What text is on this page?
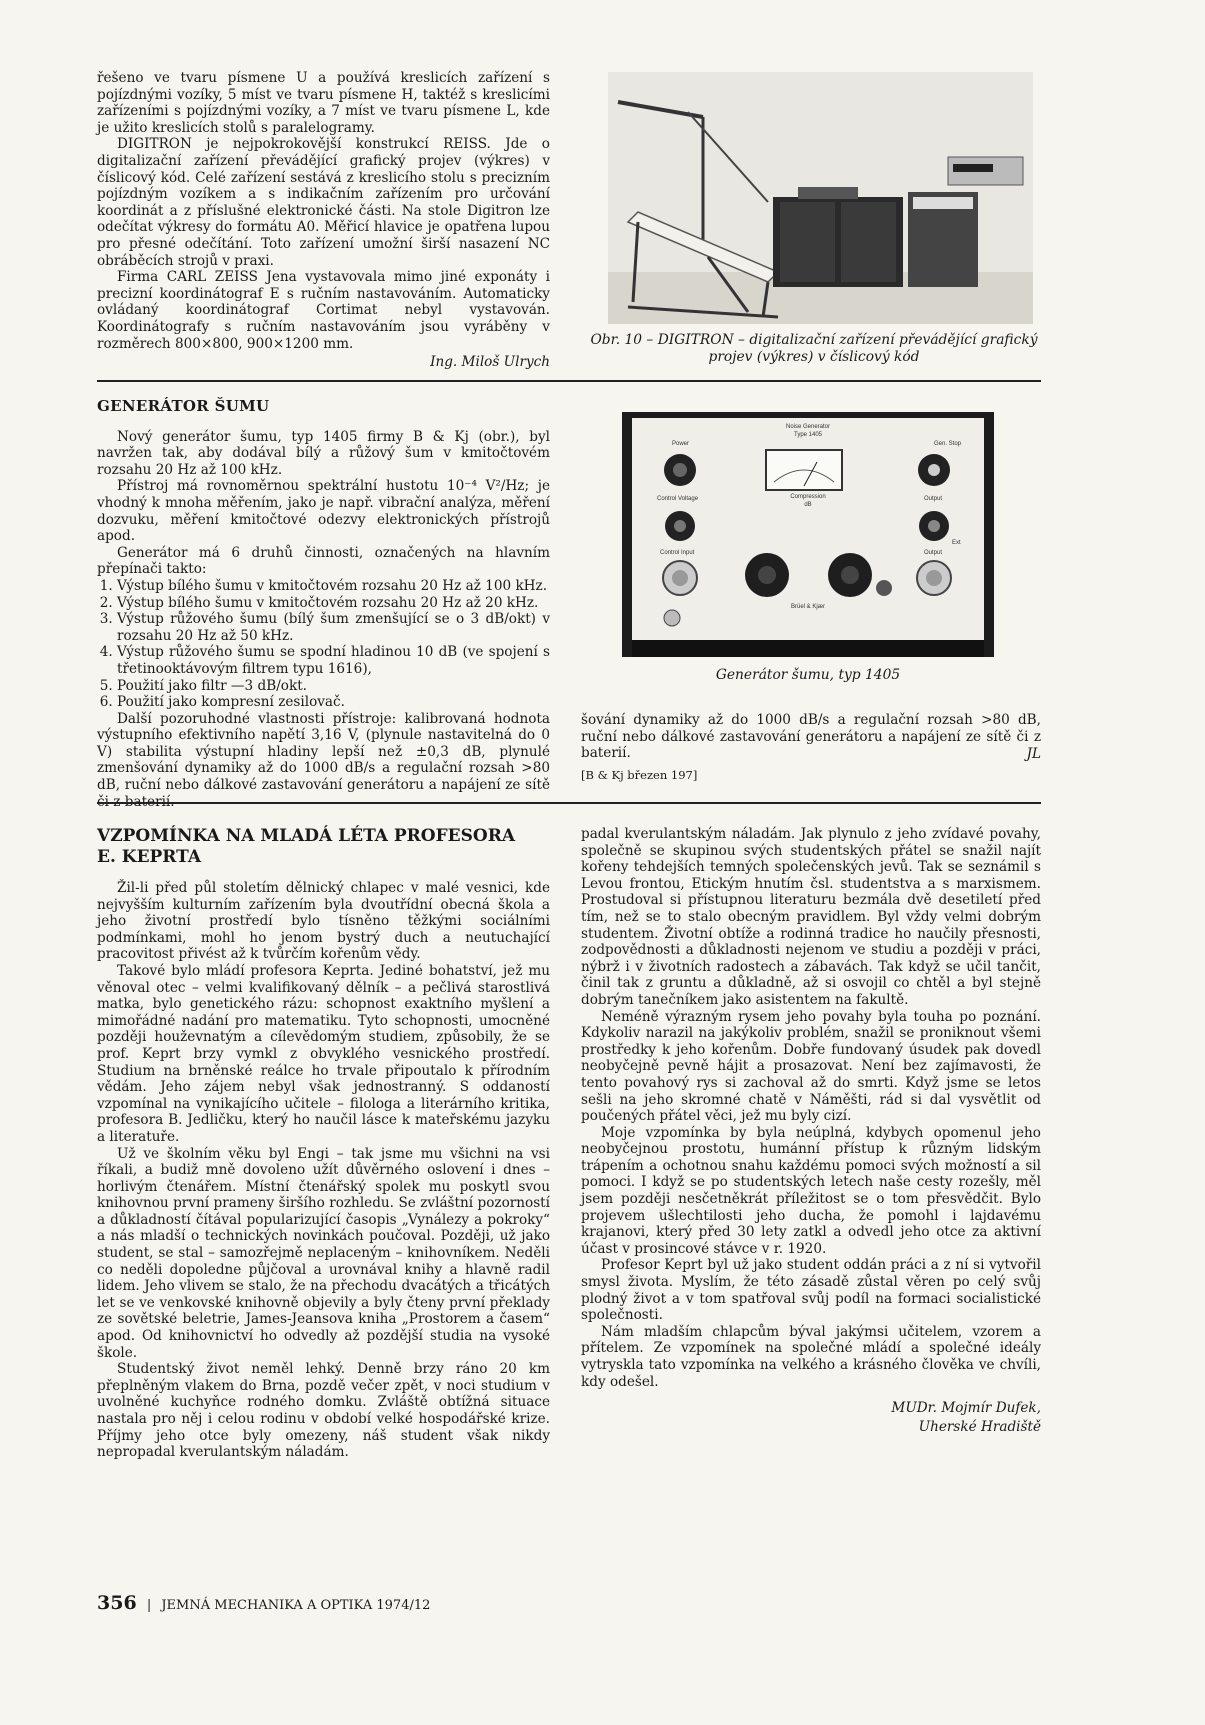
řešeno ve tvaru písmene U a používá kreslicích zařízení s pojízdnými vozíky, 5 míst ve tvaru písmene H, taktéž s kreslicími zařízeními s pojízdnými vozíky, a 7 míst ve tvaru písmene L, kde je užito kreslicích stolů s paralelogramy.

DIGITRON je nejpokrokovější konstrukcí REISS. Jde o digitalizační zařízení převádějící grafický projev (výkres) v číslicový kód. Celé zařízení sestává z kreslicího stolu s precizním pojízdným vozíkem a s indikačním zařízením pro určování koordinát a z příslušné elektronické části. Na stole Digitron lze odečítat výkresy do formátu A0. Měřicí hlavice je opatřena lupou pro přesné odečítání. Toto zařízení umožní širší nasazení NC obráběcích strojů v praxi.

Firma CARL ZEISS Jena vystavovala mimo jiné exponáty i precizní koordinátograf E s ručním nastavováním. Automaticky ovládaný koordinátograf Cortimat nebyl vystavován. Koordinátografy s ručním nastavováním jsou vyráběny v rozměrech 800×800, 900×1200 mm.

Ing. Miloš Ulrych
Obr. 10 – DIGITRON – digitalizační zařízení převádějící grafický projev (výkres) v číslicový kód
GENERÁTOR ŠUMU

Nový generátor šumu, typ 1405 firmy B & Kj (obr.), byl navržen tak, aby dodával bílý a růžový šum v kmitočtovém rozsahu 20 Hz až 100 kHz.

Přístroj má rovnoměrnou spektrální hustotu 10⁻⁴ V²/Hz; je vhodný k mnoha měřením, jako je např. vibrační analýza, měření dozvuku, měření kmitočtové odezvy elektronických přístrojů apod.

Generátor má 6 druhů činnosti, označených na hlavním přepínači takto:

1. Výstup bílého šumu v kmitočtovém rozsahu 20 Hz až 100 kHz.
2. Výstup bílého šumu v kmitočtovém rozsahu 20 Hz až 20 kHz.
3. Výstup růžového šumu (bílý šum zmenšující se o 3 dB/okt) v rozsahu 20 Hz až 50 kHz.
4. Výstup růžového šumu se spodní hladinou 10 dB (ve spojení s třetinooktávovým filtrem typu 1616),
5. Použití jako filtr —3 dB/okt.
6. Použití jako kompresní zesilovač.

Další pozoruhodné vlastnosti přístroje: kalibrovaná hodnota výstupního efektivního napětí 3,16 V, (plynule nastavitelná do 0 V) stabilita výstupní hladiny lepší než ±0,3 dB, plynulé zmenšování dynamiky až do 1000 dB/s a regulační rozsah >80 dB, ruční nebo dálkové zastavování generátoru a napájení ze sítě či z baterií.

Noise Generator
Type 1405
Power	Gen. Stop
Compression
dB
Control Voltage
Control Input
Output
Ext
Output
Brüel & Kjær
Generátor šumu, typ 1405

šování dynamiky až do 1000 dB/s a regulační rozsah >80 dB, ruční nebo dálkové zastavování generátoru a napájení ze sítě či z baterií.	JL
[B & Kj březen 197]
VZPOMÍNKA NA MLADÁ LÉTA PROFESORA
E. KEPRTA

Žil-li před půl stoletím dělnický chlapec v malé vesnici, kde nejvyšším kulturním zařízením byla dvoutřídní obecná škola a jeho životní prostředí bylo tísněno těžkými sociálními podmínkami, mohl ho jenom bystrý duch a neutuchající pracovitost přivést až k tvůrčím kořenům vědy.

Takové bylo mládí profesora Keprta. Jediné bohatství, jež mu věnoval otec – velmi kvalifikovaný dělník – a pečlivá starostlivá matka, bylo genetického rázu: schopnost exaktního myšlení a mimořádné nadání pro matematiku. Tyto schopnosti, umocněné později houževnatým a cílevědomým studiem, způsobily, že se prof. Keprt brzy vymkl z obvyklého vesnického prostředí. Studium na brněnské reálce ho trvale připoutalo k přírodním vědám. Jeho zájem nebyl však jednostranný. S oddaností vzpomínal na vynikajícího učitele – filologa a literárního kritika, profesora B. Jedličku, který ho naučil lásce k mateřskému jazyku a literatuře.

Už ve školním věku byl Engi – tak jsme mu všichni na vsi říkali, a budiž mně dovoleno užít důvěrného oslovení i dnes – horlivým čtenářem. Místní čtenářský spolek mu poskytl svou knihovnou první prameny širšího rozhledu. Se zvláštní pozorností a důkladností čítával popularizující časopis „Vynálezy a pokroky“ a nás mladší o technických novinkách poučoval. Později, už jako student, se stal – samozřejmě neplaceným – knihovníkem. Neděli co neděli dopoledne půjčoval a urovnával knihy a hlavně radil lidem. Jeho vlivem se stalo, že na přechodu dvacátých a třicátých let se ve venkovské knihovně objevily a byly čteny první překlady ze sovětské beletrie, James-Jeansova kniha „Prostorem a časem“ apod. Od knihovnictví ho odvedly až pozdější studia na vysoké škole.

Studentský život neměl lehký. Denně brzy ráno 20 km přeplněným vlakem do Brna, pozdě večer zpět, v noci studium v uvolněné kuchyňce rodného domku. Zvláště obtížná situace nastala pro něj i celou rodinu v období velké hospodářské krize. Příjmy jeho otce byly omezeny, náš student však nikdy nepropadal kverulantským náladám.

padal kverulantským náladám. Jak plynulo z jeho zvídavé povahy, společně se skupinou svých studentských přátel se snažil najít kořeny tehdejších temných společenských jevů. Tak se seznámil s Levou frontou, Etickým hnutím čsl. studentstva a s marxismem. Prostudoval si přístupnou literaturu bezmála dvě desetiletí před tím, než se to stalo obecným pravidlem. Byl vždy velmi dobrým studentem. Životní obtíže a rodinná tradice ho naučily přesnosti, zodpovědnosti a důkladnosti nejenom ve studiu a později v práci, nýbrž i v životních radostech a zábavách. Tak když se učil tančit, činil tak z gruntu a důkladně, až si osvojil co chtěl a byl stejně dobrým tanečníkem jako asistentem na fakultě.

Neméně výrazným rysem jeho povahy byla touha po poznání. Kdykoliv narazil na jakýkoliv problém, snažil se proniknout všemi prostředky k jeho kořenům. Dobře fundovaný úsudek pak dovedl neobyčejně pevně hájit a prosazovat. Není bez zajímavosti, že tento povahový rys si zachoval až do smrti. Když jsme se letos sešli na jeho skromné chatě v Náměšti, rád si dal vysvětlit od poučených přátel věci, jež mu byly cizí.

Moje vzpomínka by byla neúplná, kdybych opomenul jeho neobyčejnou prostotu, humánní přístup k různým lidským trápením a ochotnou snahu každému pomoci svých možností a sil pomoci. I když se po studentských letech naše cesty rozešly, měl jsem později nesčetněkrát příležitost se o tom přesvědčit. Bylo projevem ušlechtilosti jeho ducha, že pomohl i lajdavému krajanovi, který před 30 lety zatkl a odvedl jeho otce za aktivní účast v prosincové stávce v r. 1920.

Profesor Keprt byl už jako student oddán práci a z ní si vytvořil smysl života. Myslím, že této zásadě zůstal věren po celý svůj plodný život a v tom spatřoval svůj podíl na formaci socialistické společnosti.

Nám mladším chlapcům býval jakýmsi učitelem, vzorem a přítelem. Ze vzpomínek na společné mládí a společné ideály vytryskla tato vzpomínka na velkého a krásného člověka ve chvíli, kdy odešel.

MUDr. Mojmír Dufek,
Uherské Hradiště
356 | JEMNÁ MECHANIKA A OPTIKA 1974/12
